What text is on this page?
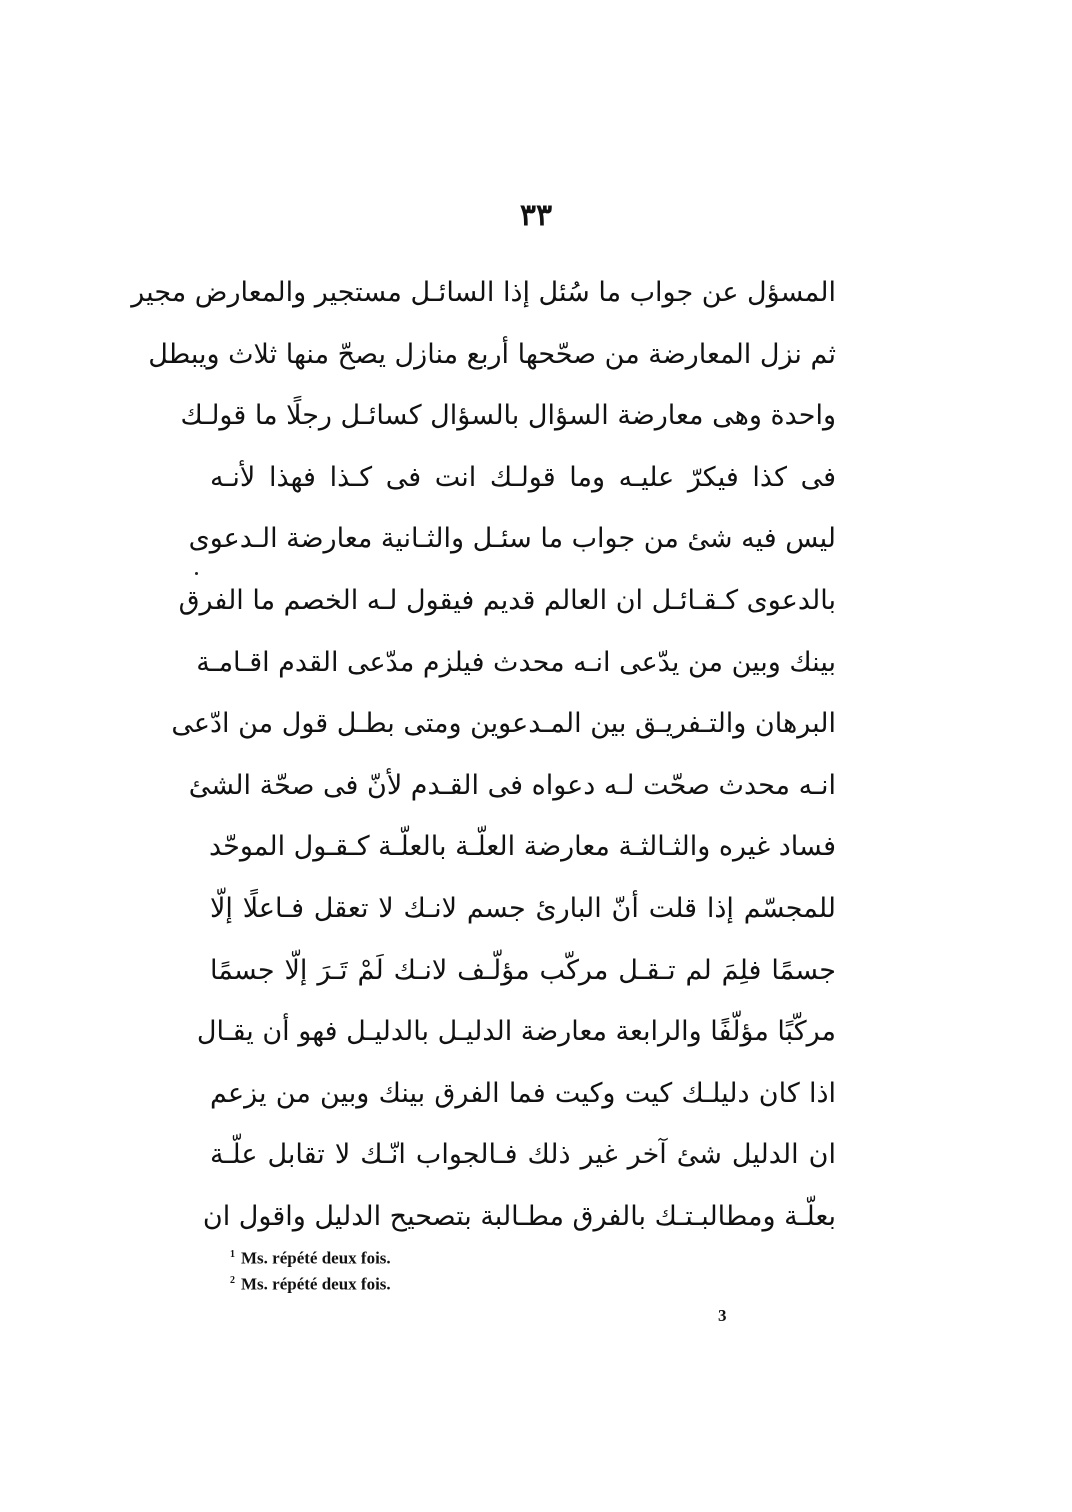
٣٣
المسؤل عن جواب ما سُئل إذا السائـل مستجير والمعارض مجير
ثم نزل المعارضة من صحّحها أربع منازل يصحّ منها ثلاث ويبطل
واحدة وهى معارضة السؤال بالسؤال كسائـل رجلًا ما قولـك
فى كذا فيكرّ عليـه وما قولـك انت فى كـذا فهذا لأنـه
ليس فيه شئ من جواب ما سئـل والثـانية معارضة الـدعوى
بالدعوى كـقـائـل ان العالم قديم فيقول لـه الخصم ما الفرق
بينك وبين من يدّعى انـه محدث فيلزم مدّعى القدم اقـامـة
البرهان والتـفريـق بين المـدعوين ومتى بطـل قول من ادّعى
انـه محدث صحّت لـه دعواه فى القـدم لأنّ فى صحّة الشئ
فساد غيره والثـالثـة معارضة العلّـة بالعلّـة كـقـول الموحّد
للمجسّم إذا قلت أنّ البارئ جسم لانـك لا تعقل فـاعلًا إلّا
جسمًا فلِمَ لم تـقـل مركّب مؤلّـف لانـك لَمْ تَـرَ إلّا جسمًا
مركّبًا مؤلّفًا والرابعة معارضة الدليـل بالدليـل فهو أن يقـال
اذا كان دليلـك كيت وكيت فما الفرق بينك وبين من يزعم
ان الدليل شئ آخر غير ذلك فـالجواب انّـك لا تقابل علّـة
بعلّـة ومطالبـتـك بالفرق مطـالبة بتصحيح الدليل واقول ان
$^1$ Ms. répété deux fois.
$^2$ Ms. répété deux fois.
3
